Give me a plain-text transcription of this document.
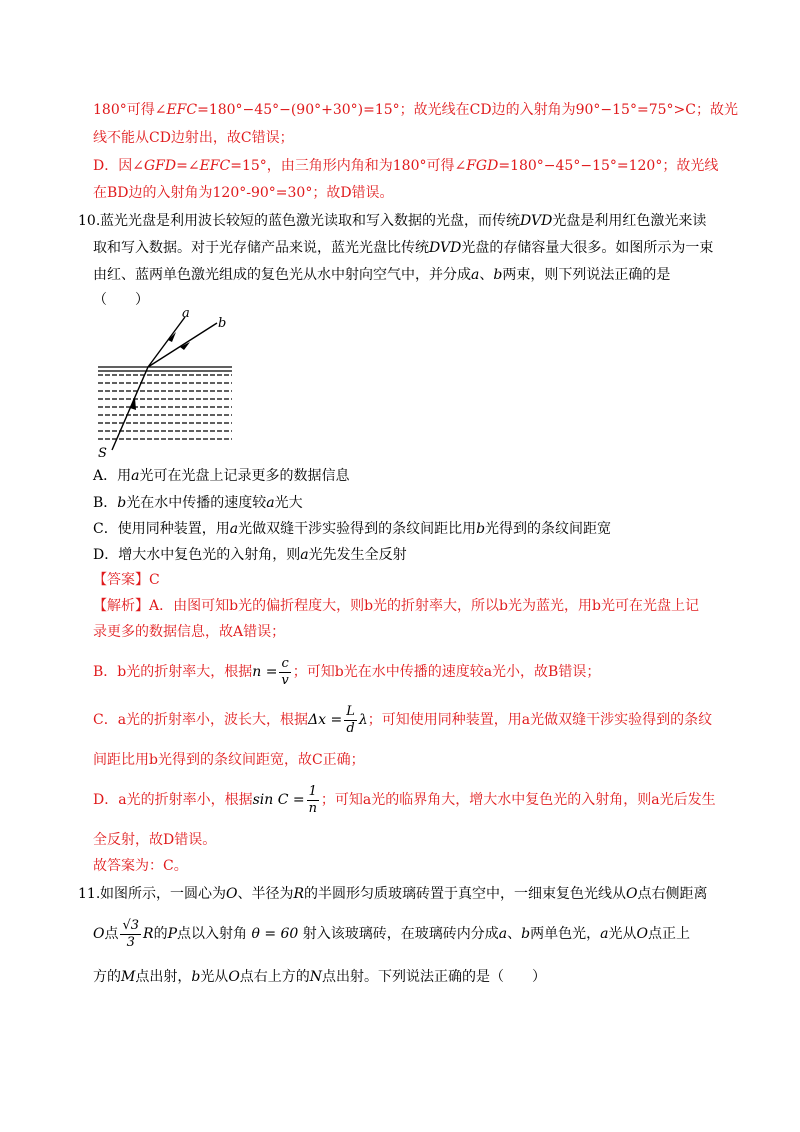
180°可得∠EFC=180°−45°−(90°+30°)=15°；故光线在CD边的入射角为90°−15°=75°>C；故光
线不能从CD边射出，故C错误；
D．因∠GFD=∠EFC=15°，由三角形内角和为180°可得∠FGD=180°−45°−15°=120°；故光线
在BD边的入射角为120°-90°=30°；故D错误。
10. 蓝光光盘是利用波长较短的蓝色激光读取和写入数据的光盘，而传统DVD光盘是利用红色激光来读
取和写入数据。对于光存储产品来说，蓝光光盘比传统DVD光盘的存储容量大很多。如图所示为一束
由红、蓝两单色激光组成的复色光从水中射向空气中，并分成a、b两束，则下列说法正确的是
（　　）
a
b
S
A．用a光可在光盘上记录更多的数据信息
B．b光在水中传播的速度较a光大
C．使用同种装置，用a光做双缝干涉实验得到的条纹间距比用b光得到的条纹间距宽
D．增大水中复色光的入射角，则a光先发生全反射
【答案】C
【解析】A．由图可知b光的偏折程度大，则b光的折射率大，所以b光为蓝光，用b光可在光盘上记
录更多的数据信息，故A错误；
B．b光的折射率大，根据$n = \frac{c}{v}$ ；可知b光在水中传播的速度较a光小，故B错误；
C．a光的折射率小，波长大，根据$\Delta x = \frac{L}{d}$ λ；可知使用同种装置，用a光做双缝干涉实验得到的条纹
间距比用b光得到的条纹间距宽，故C正确；
D．a光的折射率小，根据$\sin C = \frac{1}{n}$ ；可知a光的临界角大，增大水中复色光的入射角，则a光后发生
全反射，故D错误。
故答案为：C。
11. 如图所示，一圆心为O、半径为R的半圆形匀质玻璃砖置于真空中，一细束复色光线从O点右侧距离
O点 $\frac{√3}{3}$ R的P点以入射角 θ = 60 射入该玻璃砖，在玻璃砖内分成a、b两单色光，a光从O点正上
方的M点出射，b光从O点右上方的N点出射。下列说法正确的是（　　）
